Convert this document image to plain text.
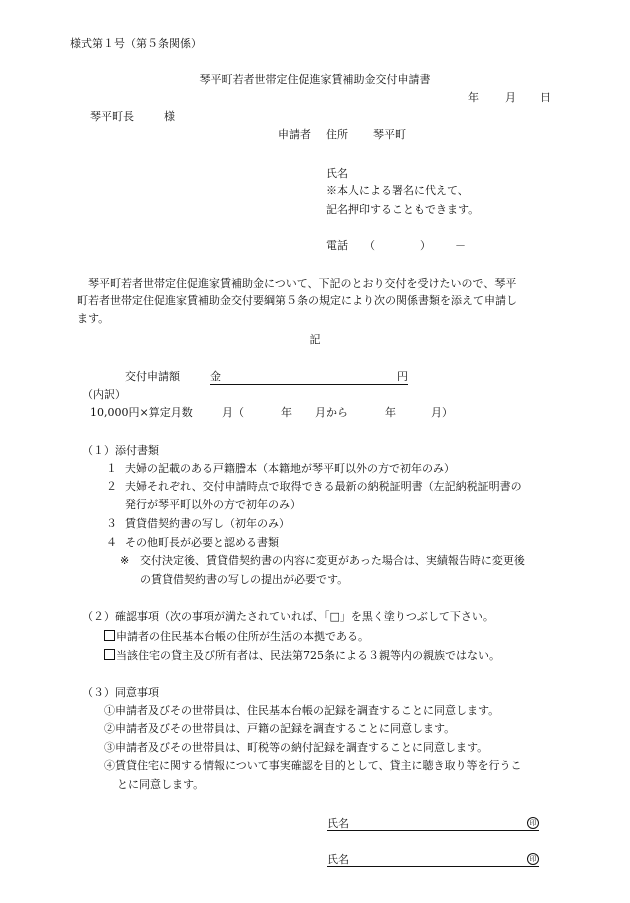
様式第１号（第５条関係）
琴平町若者世帯定住促進家賃補助金交付申請書
年 月 日
琴平町長	様
申請者 住所 琴平町
氏名
※本人による署名に代えて、
記名押印することもできます。
電話 （	） －
琴平町若者世帯定住促進家賃補助金について、下記のとおり交付を受けたいので、琴平
町若者世帯定住促進家賃補助金交付要綱第５条の規定により次の関係書類を添えて申請し
ます。
記
交付申請額	金	円
（内訳）
10,000円×算定月数	月（	年 月から	年	月）
（１）添付書類
１ 夫婦の記載のある戸籍謄本（本籍地が琴平町以外の方で初年のみ）
２ 夫婦それぞれ、交付申請時点で取得できる最新の納税証明書（左記納税証明書の
発行が琴平町以外の方で初年のみ）
３ 賃貸借契約書の写し（初年のみ）
４ その他町長が必要と認める書類
※ 交付決定後、賃貸借契約書の内容に変更があった場合は、実績報告時に変更後
の賃貸借契約書の写しの提出が必要です。
（２）確認事項（次の事項が満たされていれば、「□」を黒く塗りつぶして下さい。
申請者の住民基本台帳の住所が生活の本拠である。
当該住宅の貸主及び所有者は、民法第725条による３親等内の親族ではない。
（３）同意事項
①申請者及びその世帯員は、住民基本台帳の記録を調査することに同意します。
②申請者及びその世帯員は、戸籍の記録を調査することに同意します。
③申請者及びその世帯員は、町税等の納付記録を調査することに同意します。
④賃貸住宅に関する情報について事実確認を目的として、貸主に聴き取り等を行うこ
とに同意します。
氏名	印
氏名	印
